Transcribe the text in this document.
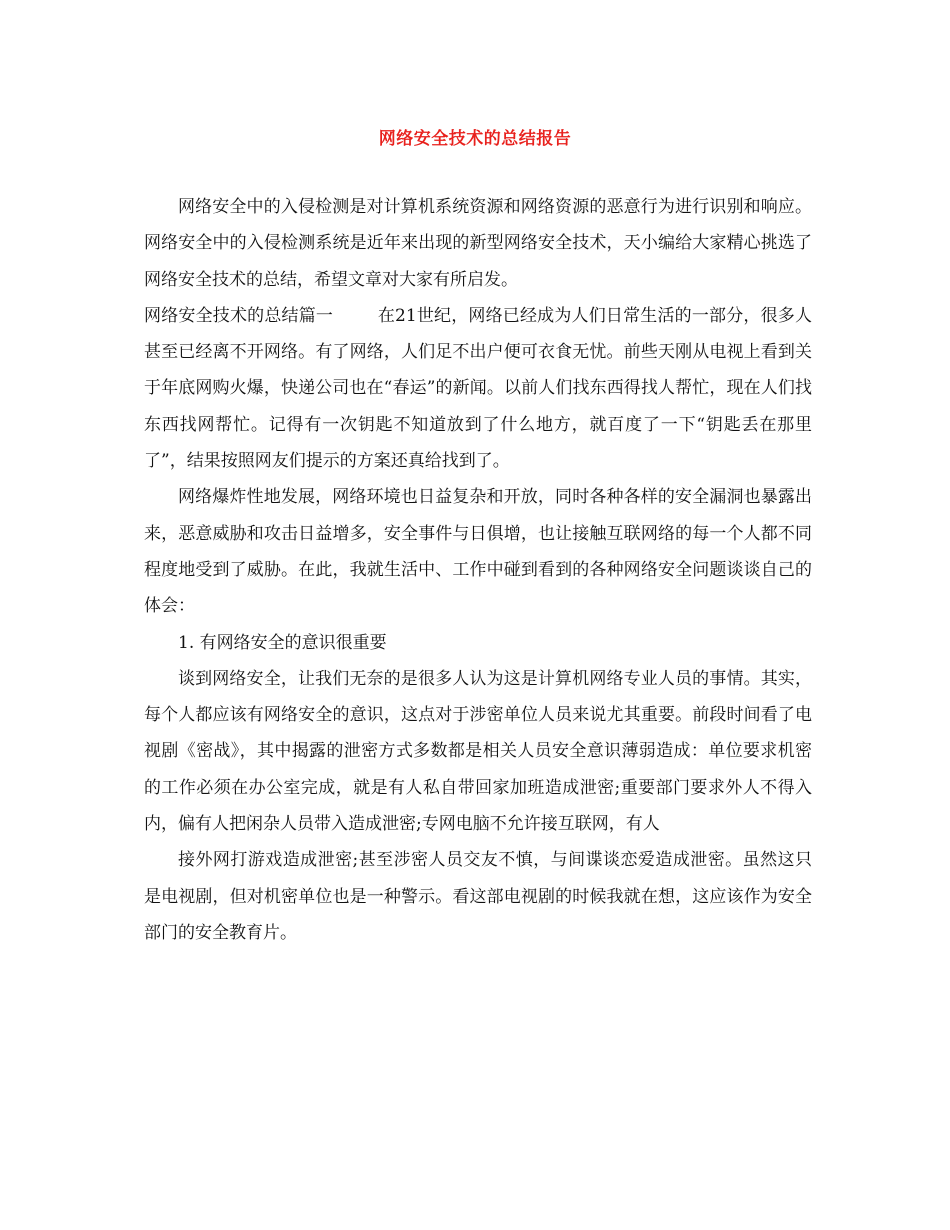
网络安全技术的总结报告

网络安全中的入侵检测是对计算机系统资源和网络资源的恶意行为进行识别和响应。网络安全中的入侵检测系统是近年来出现的新型网络安全技术，天小编给大家精心挑选了网络安全技术的总结，希望文章对大家有所启发。

网络安全技术的总结篇一	在21世纪，网络已经成为人们日常生活的一部分，很多人甚至已经离不开网络。有了网络，人们足不出户便可衣食无忧。前些天刚从电视上看到关于年底网购火爆，快递公司也在“春运”的新闻。以前人们找东西得找人帮忙，现在人们找东西找网帮忙。记得有一次钥匙不知道放到了什么地方，就百度了一下“钥匙丢在那里了”，结果按照网友们提示的方案还真给找到了。

网络爆炸性地发展，网络环境也日益复杂和开放，同时各种各样的安全漏洞也暴露出来，恶意威胁和攻击日益增多，安全事件与日俱增，也让接触互联网络的每一个人都不同程度地受到了威胁。在此，我就生活中、工作中碰到看到的各种网络安全问题谈谈自己的体会：

1. 有网络安全的意识很重要

谈到网络安全，让我们无奈的是很多人认为这是计算机网络专业人员的事情。其实，每个人都应该有网络安全的意识，这点对于涉密单位人员来说尤其重要。前段时间看了电视剧《密战》，其中揭露的泄密方式多数都是相关人员安全意识薄弱造成：单位要求机密的工作必须在办公室完成，就是有人私自带回家加班造成泄密;重要部门要求外人不得入内，偏有人把闲杂人员带入造成泄密;专网电脑不允许接互联网，有人

接外网打游戏造成泄密;甚至涉密人员交友不慎，与间谍谈恋爱造成泄密。虽然这只是电视剧，但对机密单位也是一种警示。看这部电视剧的时候我就在想，这应该作为安全部门的安全教育片。
